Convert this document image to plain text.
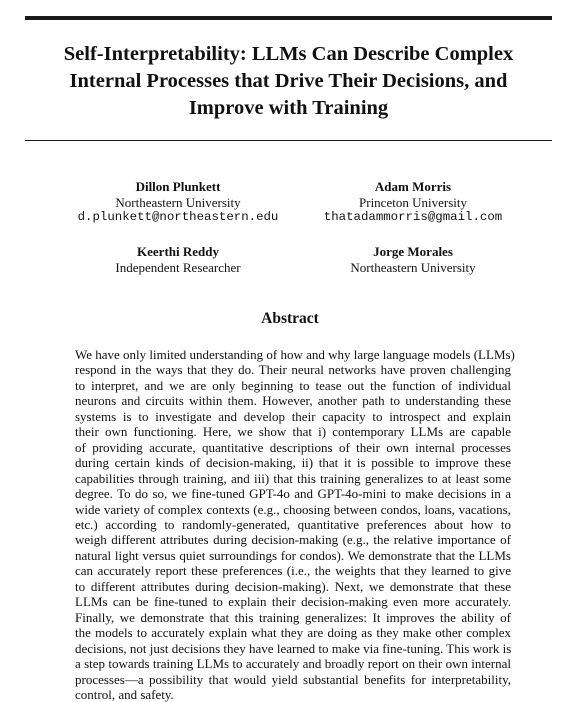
Self-Interpretability: LLMs Can Describe Complex
Internal Processes that Drive Their Decisions, and
Improve with Training
Dillon Plunkett
Northeastern University
d.plunkett@northeastern.edu
Adam Morris
Princeton University
thatadammorris@gmail.com
Keerthi Reddy
Independent Researcher
Jorge Morales
Northeastern University
Abstract
We have only limited understanding of how and why large language models (LLMs)
respond in the ways that they do. Their neural networks have proven challenging
to interpret, and we are only beginning to tease out the function of individual
neurons and circuits within them. However, another path to understanding these
systems is to investigate and develop their capacity to introspect and explain
their own functioning. Here, we show that i) contemporary LLMs are capable
of providing accurate, quantitative descriptions of their own internal processes
during certain kinds of decision-making, ii) that it is possible to improve these
capabilities through training, and iii) that this training generalizes to at least some
degree. To do so, we fine-tuned GPT-4o and GPT-4o-mini to make decisions in a
wide variety of complex contexts (e.g., choosing between condos, loans, vacations,
etc.) according to randomly-generated, quantitative preferences about how to
weigh different attributes during decision-making (e.g., the relative importance of
natural light versus quiet surroundings for condos). We demonstrate that the LLMs
can accurately report these preferences (i.e., the weights that they learned to give
to different attributes during decision-making). Next, we demonstrate that these
LLMs can be fine-tuned to explain their decision-making even more accurately.
Finally, we demonstrate that this training generalizes: It improves the ability of
the models to accurately explain what they are doing as they make other complex
decisions, not just decisions they have learned to make via fine-tuning. This work is
a step towards training LLMs to accurately and broadly report on their own internal
processes—a possibility that would yield substantial benefits for interpretability,
control, and safety.
